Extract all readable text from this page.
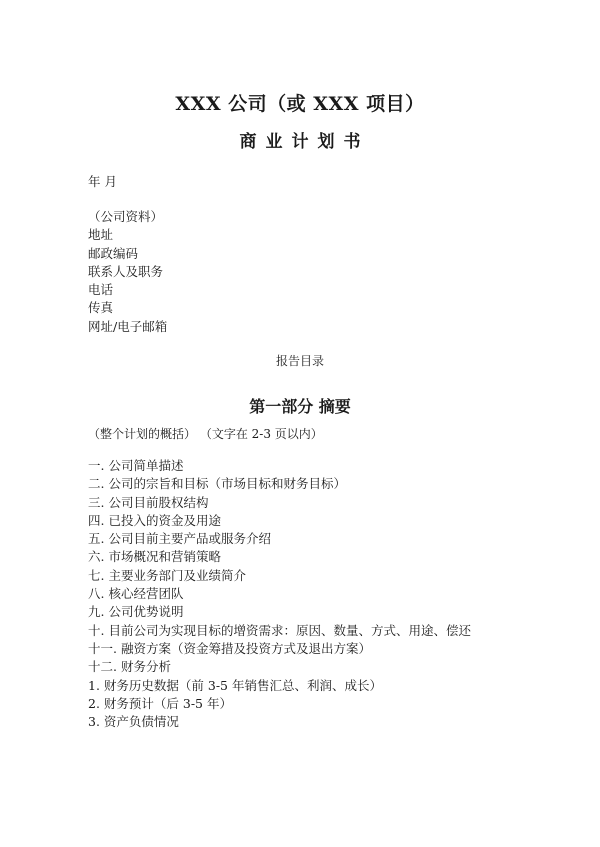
XXX 公司（或 XXX 项目）
商业计划书
年 月
（公司资料）
地址
邮政编码
联系人及职务
电话
传真
网址/电子邮箱
报告目录
第一部分 摘要
（整个计划的概括） （文字在 2-3 页以内）
一. 公司简单描述
二. 公司的宗旨和目标（市场目标和财务目标）
三. 公司目前股权结构
四. 已投入的资金及用途
五. 公司目前主要产品或服务介绍
六. 市场概况和营销策略
七. 主要业务部门及业绩简介
八. 核心经营团队
九. 公司优势说明
十. 目前公司为实现目标的增资需求：原因、数量、方式、用途、偿还
十一. 融资方案（资金筹措及投资方式及退出方案）
十二. 财务分析
1. 财务历史数据（前 3-5 年销售汇总、利润、成长）
2. 财务预计（后 3-5 年）
3. 资产负债情况
